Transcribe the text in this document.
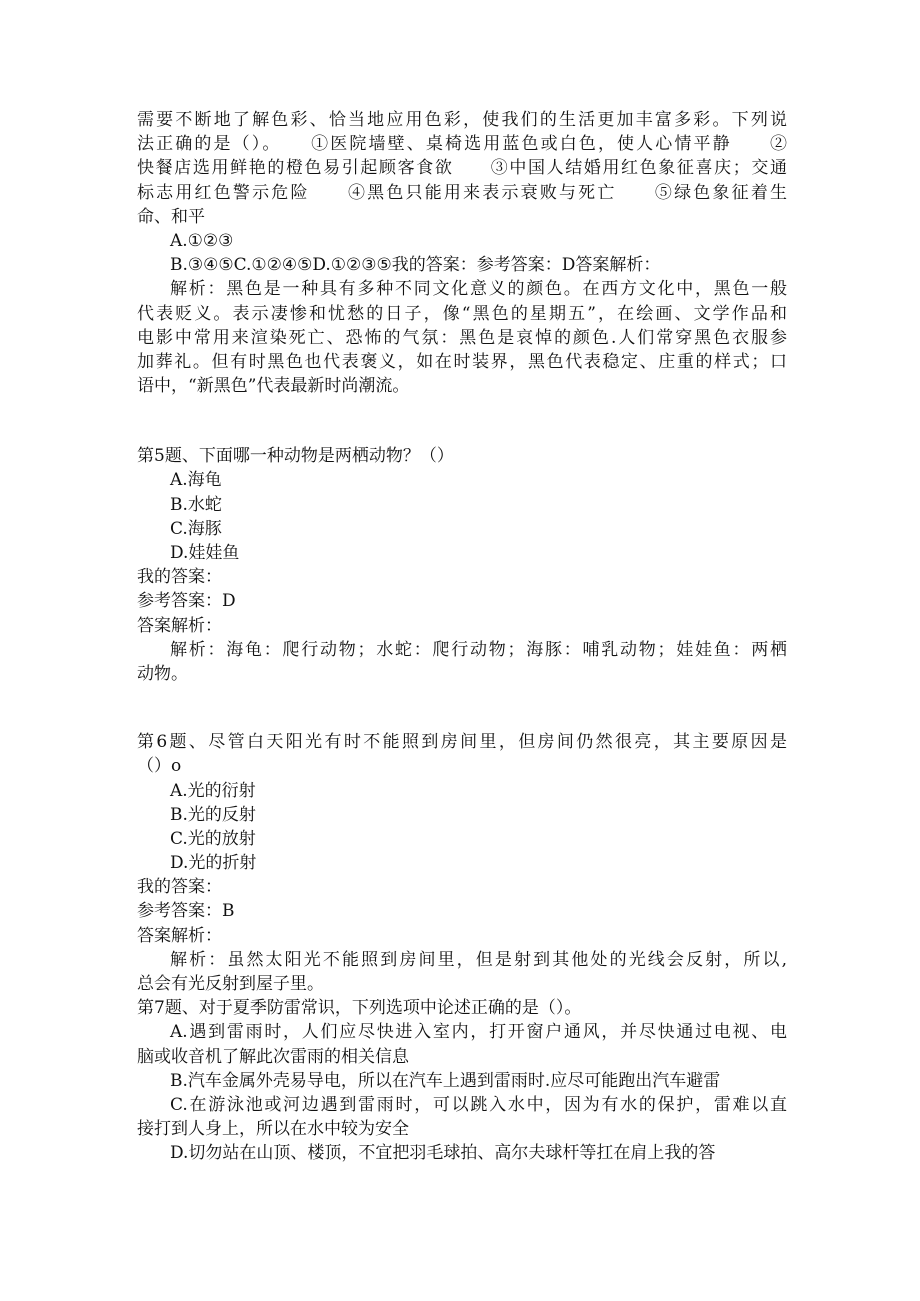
需要不断地了解色彩、恰当地应用色彩，使我们的生活更加丰富多彩。下列说
法正确的是（）。　　①医院墙壁、桌椅选用蓝色或白色，使人心情平静　　②
快餐店选用鲜艳的橙色易引起顾客食欲　　③中国人结婚用红色象征喜庆；交通
标志用红色警示危险　　④黑色只能用来表示衰败与死亡　　⑤绿色象征着生
命、和平
A.①②③
B.③④⑤C.①②④⑤D.①②③⑤我的答案：参考答案：D答案解析：
解析：黑色是一种具有多种不同文化意义的颜色。在西方文化中，黑色一般
代表贬义。表示凄惨和忧愁的日子，像“黑色的星期五”，在绘画、文学作品和
电影中常用来渲染死亡、恐怖的气氛：黑色是哀悼的颜色.人们常穿黑色衣服参
加葬礼。但有时黑色也代表褒义，如在时装界，黑色代表稳定、庄重的样式；口
语中，“新黑色”代表最新时尚潮流。
第5题、下面哪一种动物是两栖动物？（）
A.海龟
B.水蛇
C.海豚
D.娃娃鱼
我的答案：
参考答案：D
答案解析：
解析：海龟：爬行动物；水蛇：爬行动物；海豚：哺乳动物；娃娃鱼：两栖
动物。
第6题、尽管白天阳光有时不能照到房间里，但房间仍然很亮，其主要原因是
（）o
A.光的衍射
B.光的反射
C.光的放射
D.光的折射
我的答案：
参考答案：B
答案解析：
解析：虽然太阳光不能照到房间里，但是射到其他处的光线会反射，所以,
总会有光反射到屋子里。
第7题、对于夏季防雷常识，下列选项中论述正确的是（）。
A.遇到雷雨时，人们应尽快进入室内，打开窗户通风，并尽快通过电视、电
脑或收音机了解此次雷雨的相关信息
B.汽车金属外壳易导电，所以在汽车上遇到雷雨时.应尽可能跑出汽车避雷
C.在游泳池或河边遇到雷雨时，可以跳入水中，因为有水的保护，雷难以直
接打到人身上，所以在水中较为安全
D.切勿站在山顶、楼顶，不宜把羽毛球拍、高尔夫球杆等扛在肩上我的答
